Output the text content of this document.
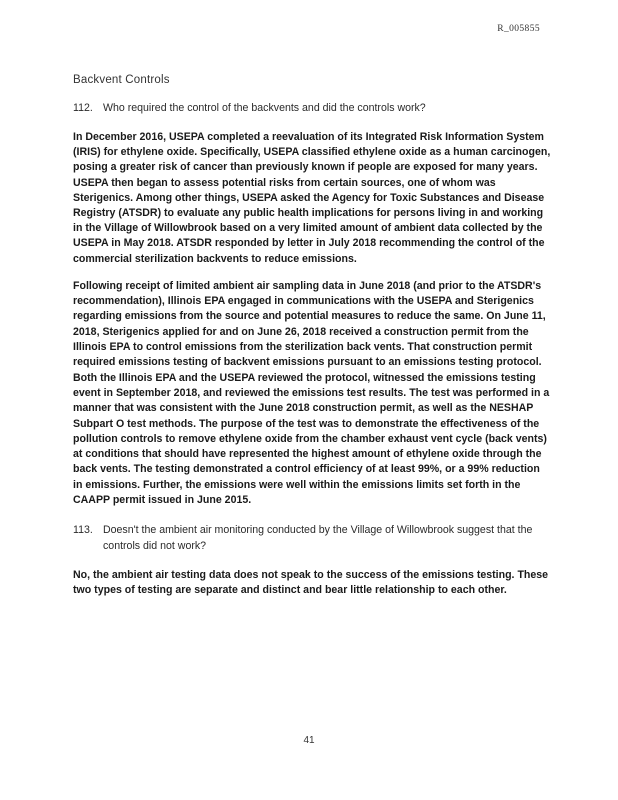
R_005855
Backvent Controls
112. Who required the control of the backvents and did the controls work?

In December 2016, USEPA completed a reevaluation of its Integrated Risk Information System (IRIS) for ethylene oxide. Specifically, USEPA classified ethylene oxide as a human carcinogen, posing a greater risk of cancer than previously known if people are exposed for many years. USEPA then began to assess potential risks from certain sources, one of whom was Sterigenics. Among other things, USEPA asked the Agency for Toxic Substances and Disease Registry (ATSDR) to evaluate any public health implications for persons living in and working in the Village of Willowbrook based on a very limited amount of ambient data collected by the USEPA in May 2018. ATSDR responded by letter in July 2018 recommending the control of the commercial sterilization backvents to reduce emissions.

Following receipt of limited ambient air sampling data in June 2018 (and prior to the ATSDR's recommendation), Illinois EPA engaged in communications with the USEPA and Sterigenics regarding emissions from the source and potential measures to reduce the same. On June 11, 2018, Sterigenics applied for and on June 26, 2018 received a construction permit from the Illinois EPA to control emissions from the sterilization back vents. That construction permit required emissions testing of backvent emissions pursuant to an emissions testing protocol. Both the Illinois EPA and the USEPA reviewed the protocol, witnessed the emissions testing event in September 2018, and reviewed the emissions test results. The test was performed in a manner that was consistent with the June 2018 construction permit, as well as the NESHAP Subpart O test methods. The purpose of the test was to demonstrate the effectiveness of the pollution controls to remove ethylene oxide from the chamber exhaust vent cycle (back vents) at conditions that should have represented the highest amount of ethylene oxide through the back vents. The testing demonstrated a control efficiency of at least 99%, or a 99% reduction in emissions. Further, the emissions were well within the emissions limits set forth in the CAAPP permit issued in June 2015.

113. Doesn't the ambient air monitoring conducted by the Village of Willowbrook suggest that the controls did not work?

No, the ambient air testing data does not speak to the success of the emissions testing. These two types of testing are separate and distinct and bear little relationship to each other.

41
